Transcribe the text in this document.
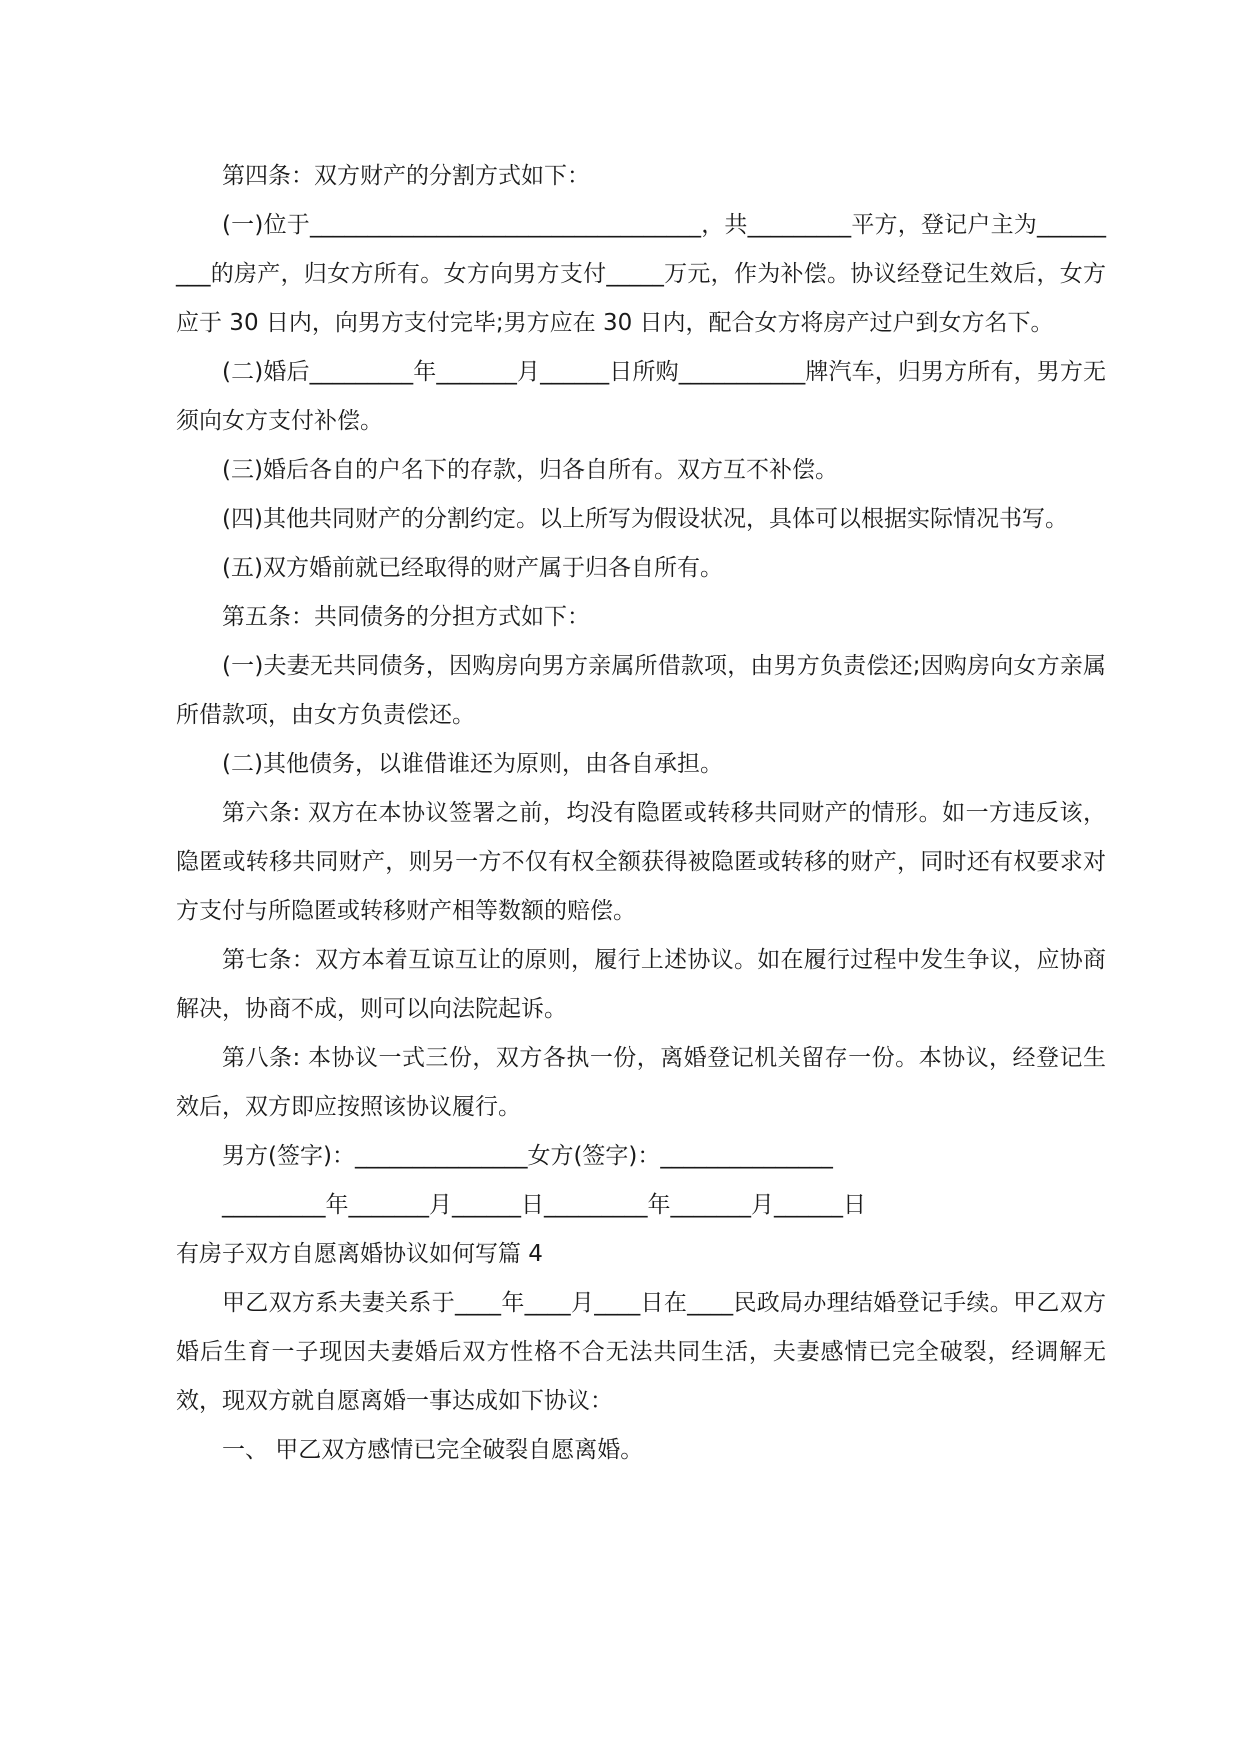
第四条：双方财产的分割方式如下：

(一)位于__________________________________，共_________平方，登记户主为_________的房产，归女方所有。女方向男方支付_____万元，作为补偿。协议经登记生效后，女方应于 30 日内，向男方支付完毕;男方应在 30 日内，配合女方将房产过户到女方名下。

(二)婚后_________年_______月______日所购___________牌汽车，归男方所有，男方无须向女方支付补偿。

(三)婚后各自的户名下的存款，归各自所有。双方互不补偿。

(四)其他共同财产的分割约定。以上所写为假设状况，具体可以根据实际情况书写。

(五)双方婚前就已经取得的财产属于归各自所有。

第五条：共同债务的分担方式如下：

(一)夫妻无共同债务，因购房向男方亲属所借款项，由男方负责偿还;因购房向女方亲属所借款项，由女方负责偿还。

(二)其他债务，以谁借谁还为原则，由各自承担。

第六条: 双方在本协议签署之前，均没有隐匿或转移共同财产的情形。如一方违反该，隐匿或转移共同财产，则另一方不仅有权全额获得被隐匿或转移的财产，同时还有权要求对方支付与所隐匿或转移财产相等数额的赔偿。

第七条：双方本着互谅互让的原则，履行上述协议。如在履行过程中发生争议，应协商解决，协商不成，则可以向法院起诉。

第八条: 本协议一式三份，双方各执一份，离婚登记机关留存一份。本协议，经登记生效后，双方即应按照该协议履行。

男方(签字)：_______________女方(签字)：_______________

_________年_______月______日_________年_______月______日

有房子双方自愿离婚协议如何写篇 4

甲乙双方系夫妻关系于____年____月____日在____民政局办理结婚登记手续。甲乙双方婚后生育一子现因夫妻婚后双方性格不合无法共同生活，夫妻感情已完全破裂，经调解无效，现双方就自愿离婚一事达成如下协议：

一、 甲乙双方感情已完全破裂自愿离婚。
